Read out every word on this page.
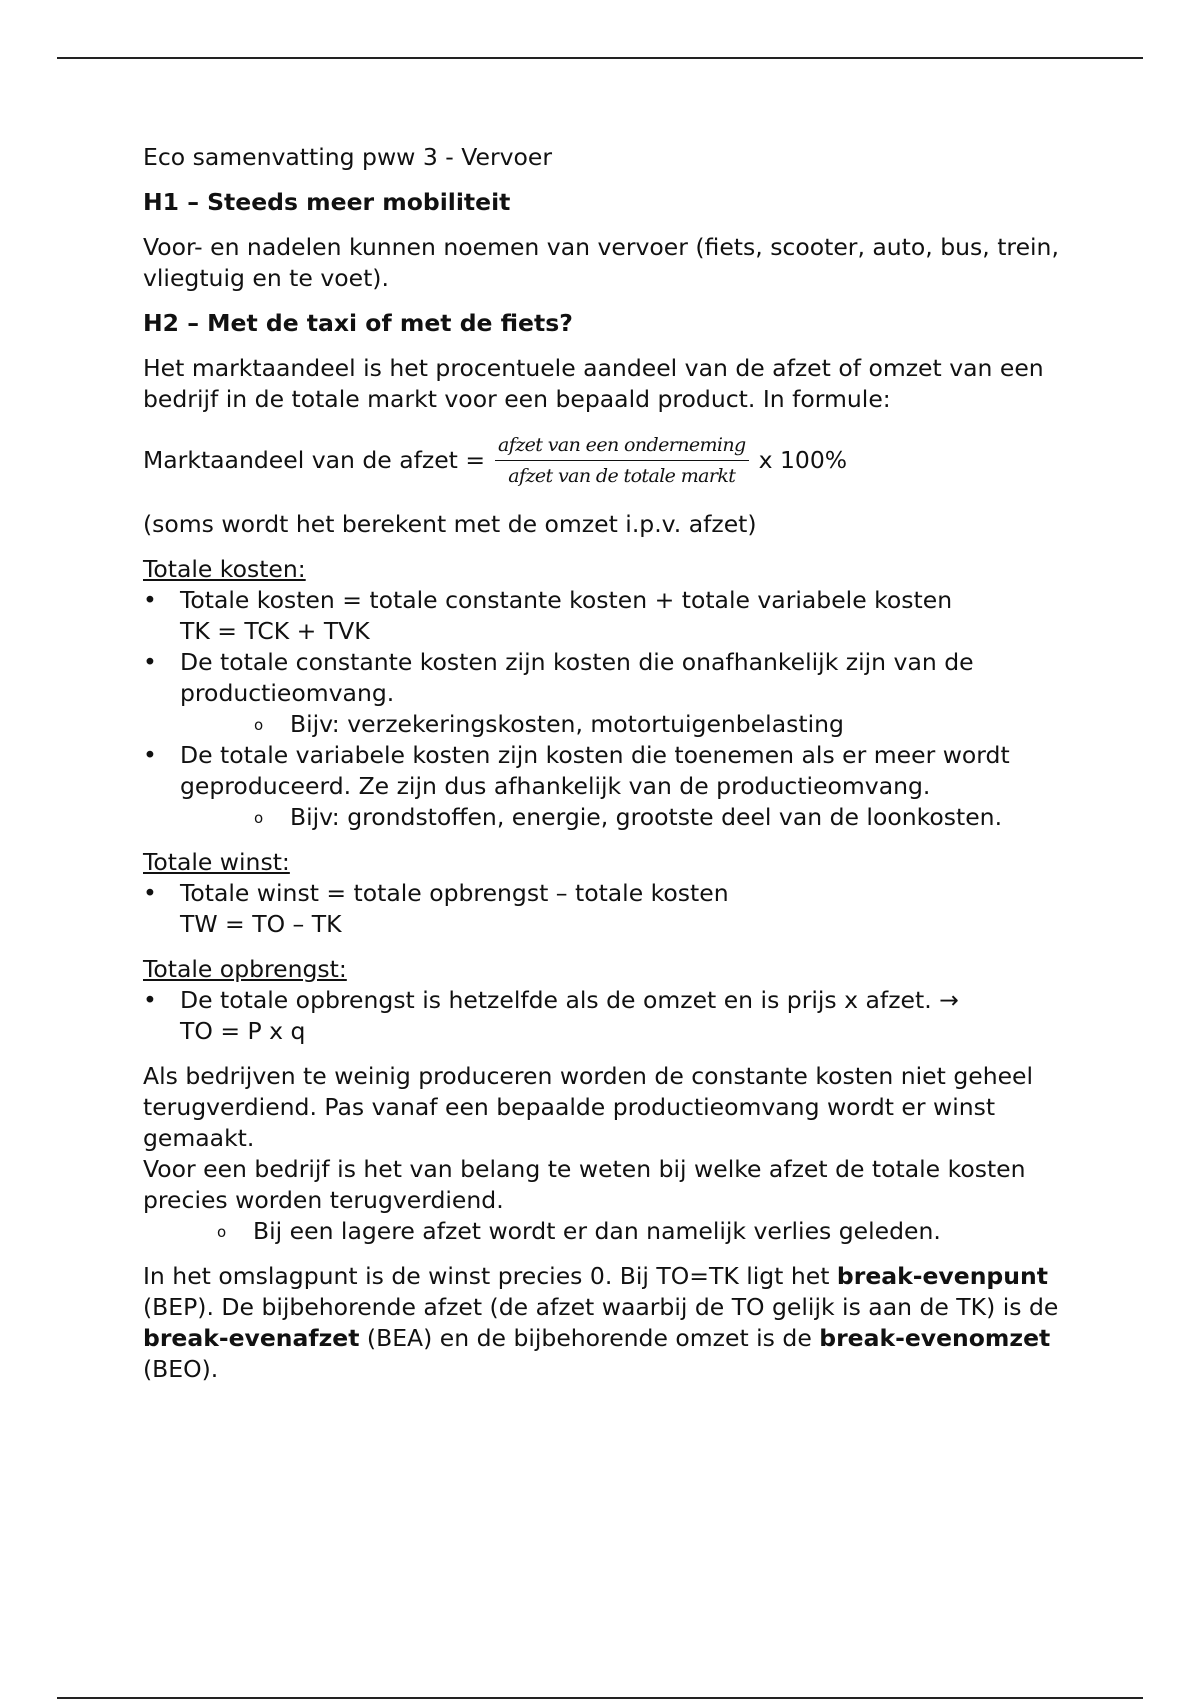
Eco samenvatting pww 3 - Vervoer

H1 – Steeds meer mobiliteit

Voor- en nadelen kunnen noemen van vervoer (fiets, scooter, auto, bus, trein, vliegtuig en te voet).

H2 – Met de taxi of met de fiets?

Het marktaandeel is het procentuele aandeel van de afzet of omzet van een bedrijf in de totale markt voor een bepaald product. In formule:

Marktaandeel van de afzet = $\frac{\text{afzet van een onderneming}}{\text{afzet van de totale markt}}$ x 100%

(soms wordt het berekent met de omzet i.p.v. afzet)

Totale kosten:

• Totale kosten = totale constante kosten + totale variabele kosten
TK = TCK + TVK
• De totale constante kosten zijn kosten die onafhankelijk zijn van de productieomvang.
o Bijv: verzekeringskosten, motortuigenbelasting
• De totale variabele kosten zijn kosten die toenemen als er meer wordt geproduceerd. Ze zijn dus afhankelijk van de productieomvang.
o Bijv: grondstoffen, energie, grootste deel van de loonkosten.

Totale winst:

• Totale winst = totale opbrengst – totale kosten
TW = TO – TK

Totale opbrengst:

• De totale opbrengst is hetzelfde als de omzet en is prijs x afzet. →
TO = P x q

Als bedrijven te weinig produceren worden de constante kosten niet geheel terugverdiend. Pas vanaf een bepaalde productieomvang wordt er winst gemaakt.

Voor een bedrijf is het van belang te weten bij welke afzet de totale kosten precies worden terugverdiend.

o Bij een lagere afzet wordt er dan namelijk verlies geleden.

In het omslagpunt is de winst precies 0. Bij TO=TK ligt het break-evenpunt (BEP). De bijbehorende afzet (de afzet waarbij de TO gelijk is aan de TK) is de break-evenafzet (BEA) en de bijbehorende omzet is de break-evenomzet (BEO).
